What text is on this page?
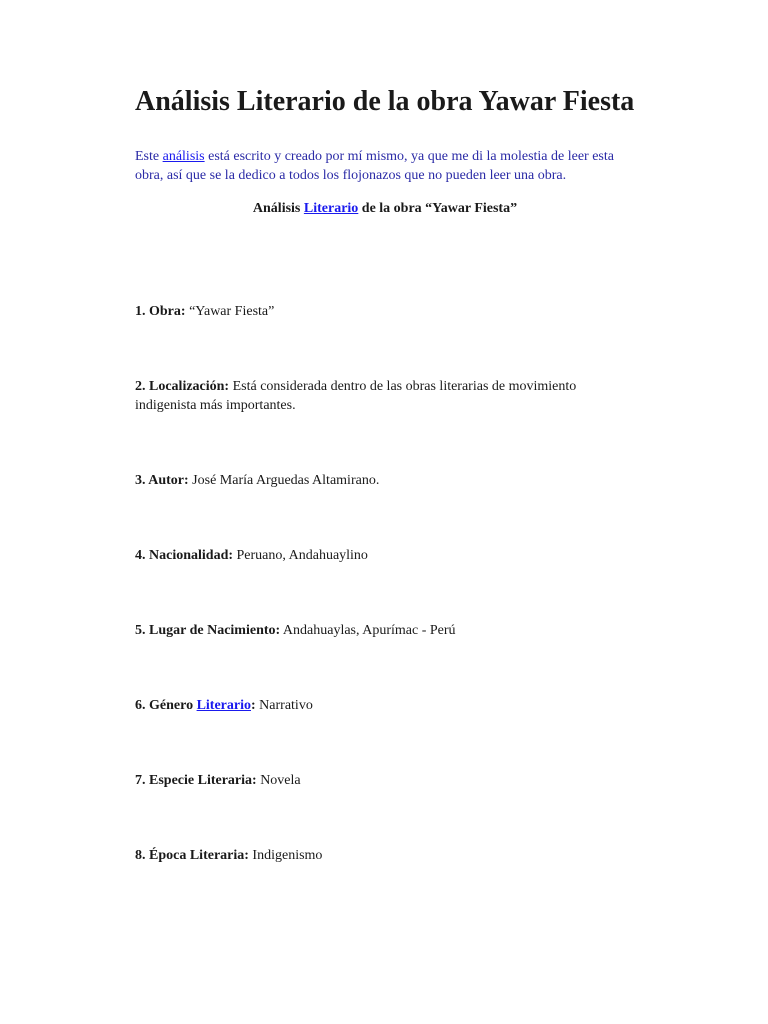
Análisis Literario de la obra Yawar Fiesta
Este análisis está escrito y creado por mí mismo, ya que me di la molestia de leer esta obra, así que se la dedico a todos los flojonazos que no pueden leer una obra.
Análisis Literario de la obra “Yawar Fiesta”
1. Obra: “Yawar Fiesta”
2. Localización: Está considerada dentro de las obras literarias de movimiento indigenista más importantes.
3. Autor: José María Arguedas Altamirano.
4. Nacionalidad: Peruano, Andahuaylino
5. Lugar de Nacimiento: Andahuaylas, Apurímac - Perú
6. Género Literario: Narrativo
7. Especie Literaria: Novela
8. Época Literaria: Indigenismo
